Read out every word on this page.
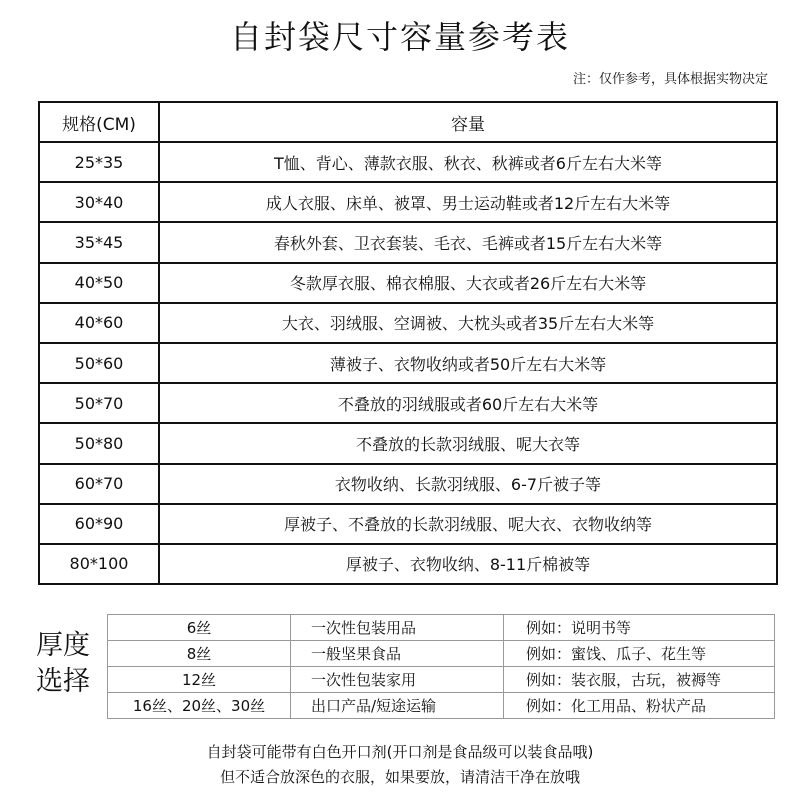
自封袋尺寸容量参考表
注：仅作参考，具体根据实物决定
规格(CM)	容量
25*35	T恤、背心、薄款衣服、秋衣、秋裤或者6斤左右大米等
30*40	成人衣服、床单、被罩、男士运动鞋或者12斤左右大米等
35*45	春秋外套、卫衣套装、毛衣、毛裤或者15斤左右大米等
40*50	冬款厚衣服、棉衣棉服、大衣或者26斤左右大米等
40*60	大衣、羽绒服、空调被、大枕头或者35斤左右大米等
50*60	薄被子、衣物收纳或者50斤左右大米等
50*70	不叠放的羽绒服或者60斤左右大米等
50*80	不叠放的长款羽绒服、呢大衣等
60*70	衣物收纳、长款羽绒服、6-7斤被子等
60*90	厚被子、不叠放的长款羽绒服、呢大衣、衣物收纳等
80*100	厚被子、衣物收纳、8-11斤棉被等
厚度
选择
6丝	一次性包装用品	例如：说明书等
8丝	一般坚果食品	例如：蜜饯、瓜子、花生等
12丝	一次性包装家用	例如：装衣服，古玩，被褥等
16丝、20丝、30丝	出口产品/短途运输	例如：化工用品、粉状产品
自封袋可能带有白色开口剂(开口剂是食品级可以装食品哦)
但不适合放深色的衣服，如果要放，请清洁干净在放哦
